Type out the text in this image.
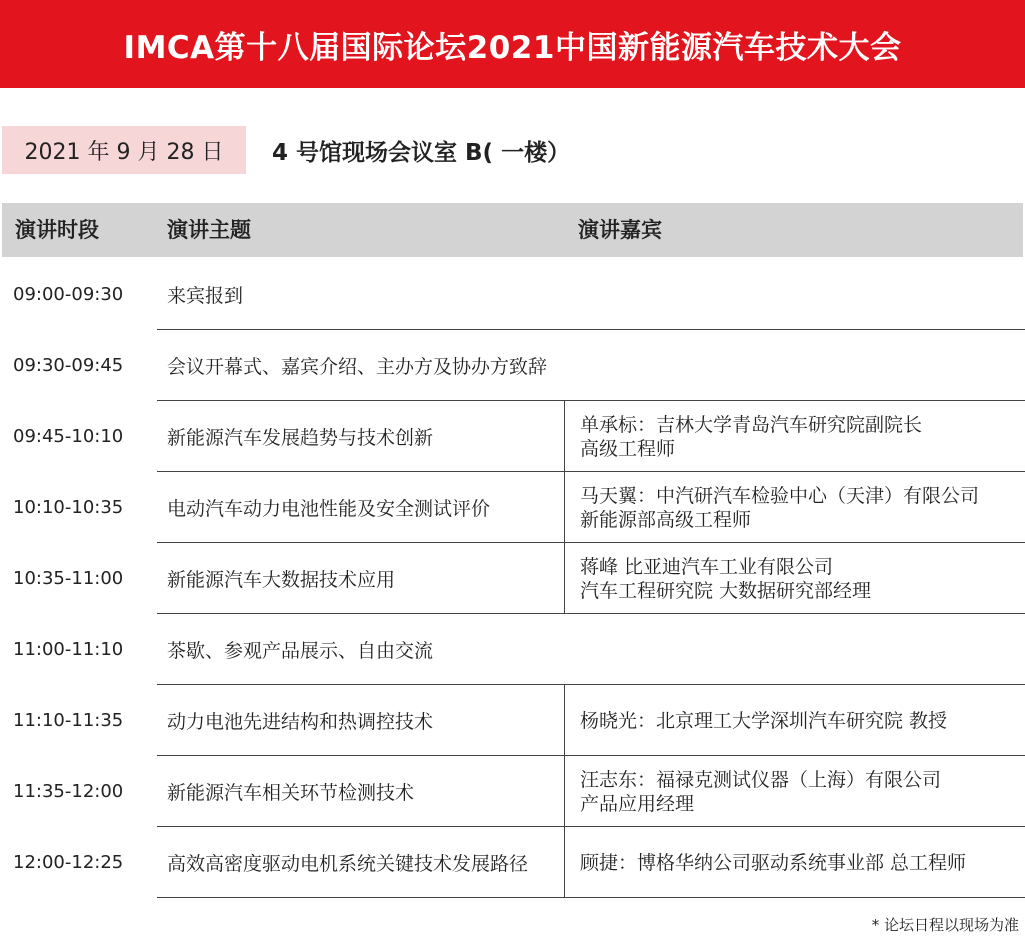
IMCA第十八届国际论坛2021中国新能源汽车技术大会
2021 年 9 月 28 日	4 号馆现场会议室 B( 一楼）
演讲时段	演讲主题	演讲嘉宾
09:00-09:30 来宾报到
09:30-09:45 会议开幕式、嘉宾介绍、主办方及协办方致辞
09:45-10:10 新能源汽车发展趋势与技术创新
单承标：吉林大学青岛汽车研究院副院长
高级工程师
10:10-10:35 电动汽车动力电池性能及安全测试评价
马天翼：中汽研汽车检验中心（天津）有限公司
新能源部高级工程师
10:35-11:00 新能源汽车大数据技术应用
蒋峰 比亚迪汽车工业有限公司
汽车工程研究院 大数据研究部经理
11:00-11:10 茶歇、参观产品展示、自由交流
11:10-11:35 动力电池先进结构和热调控技术	杨晓光：北京理工大学深圳汽车研究院 教授
11:35-12:00 新能源汽车相关环节检测技术
汪志东：福禄克测试仪器（上海）有限公司
产品应用经理
12:00-12:25 高效高密度驱动电机系统关键技术发展路径	顾捷：博格华纳公司驱动系统事业部 总工程师
* 论坛日程以现场为准
